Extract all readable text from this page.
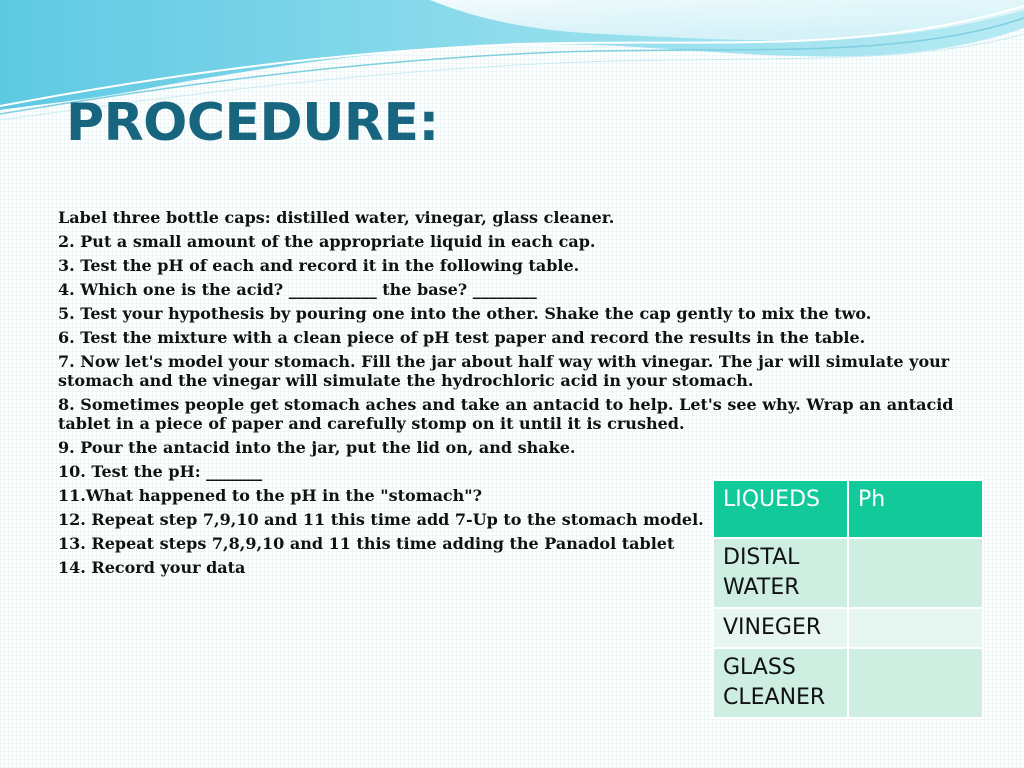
PROCEDURE:
Label three bottle caps: distilled water, vinegar, glass cleaner.
2. Put a small amount of the appropriate liquid in each cap.
3. Test the pH of each and record it in the following table.
4. Which one is the acid? ___________ the base? ________
5. Test your hypothesis by pouring one into the other. Shake the cap gently to mix the two.
6. Test the mixture with a clean piece of pH test paper and record the results in the table.
7. Now let's model your stomach. Fill the jar about half way with vinegar. The jar will simulate your stomach and the vinegar will simulate the hydrochloric acid in your stomach.
8. Sometimes people get stomach aches and take an antacid to help. Let's see why. Wrap an antacid tablet in a piece of paper and carefully stomp on it until it is crushed.
9. Pour the antacid into the jar, put the lid on, and shake.
10. Test the pH: _______
11.What happened to the pH in the "stomach"?
12. Repeat step 7,9,10 and 11 this time add 7-Up to the stomach model.
13. Repeat steps 7,8,9,10 and 11 this time adding the Panadol tablet
14. Record your data
LIQUEDS	Ph
DISTAL WATER	
VINEGER	
GLASS CLEANER	
